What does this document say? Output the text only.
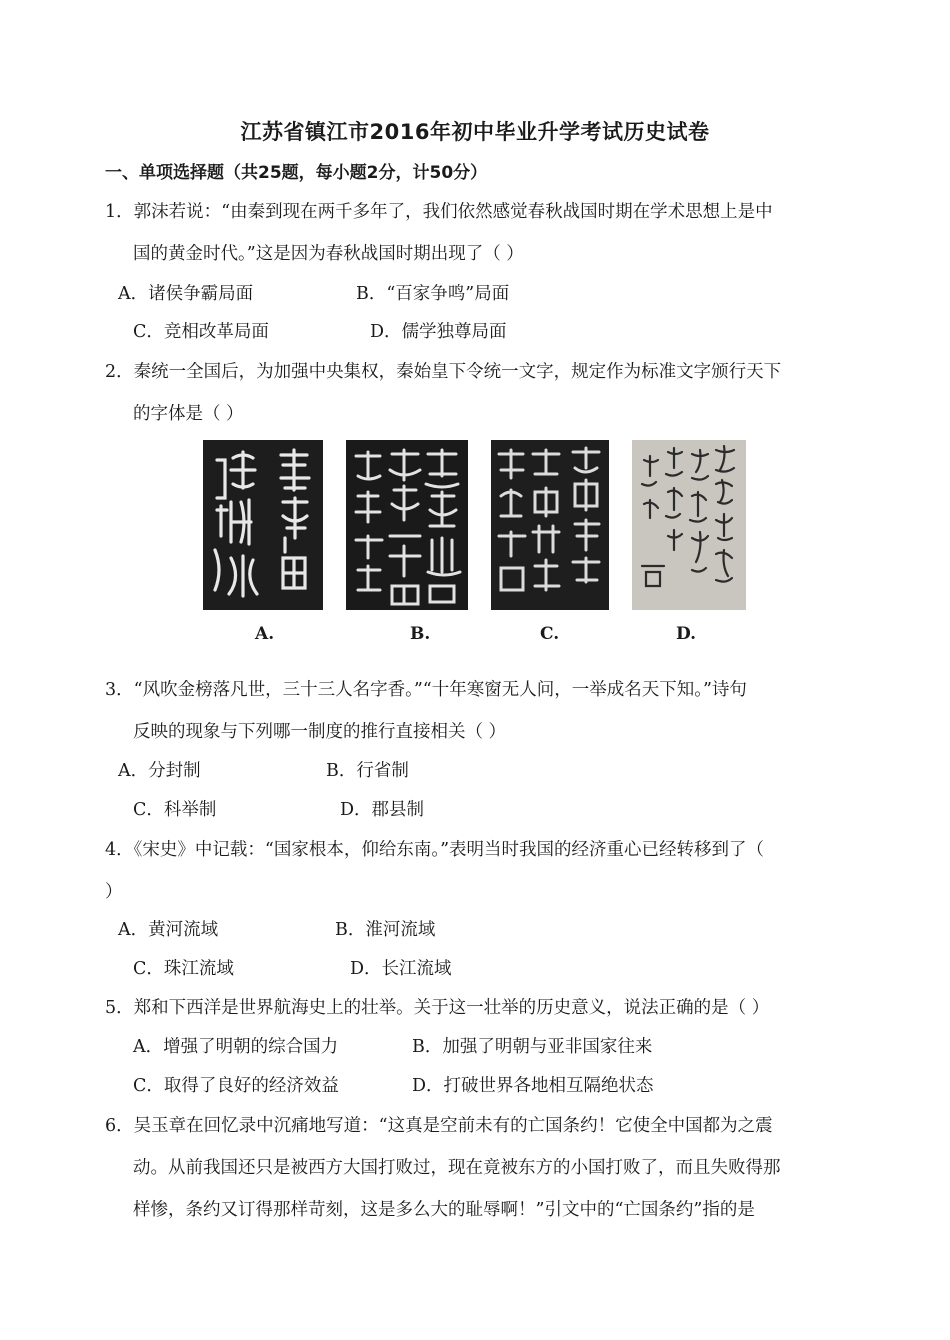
江苏省镇江市2016年初中毕业升学考试历史试卷
一、单项选择题（共25题，每小题2分，计50分）
1．郭沫若说：“由秦到现在两千多年了，我们依然感觉春秋战国时期在学术思想上是中
国的黄金时代。”这是因为春秋战国时期出现了（ ）
A．诸侯争霸局面	B．“百家争鸣”局面
C．竞相改革局面	D．儒学独尊局面
2．秦统一全国后，为加强中央集权，秦始皇下令统一文字，规定作为标准文字颁行天下
的字体是（ ）
A.	B.	C.	D.
3．“风吹金榜落凡世，三十三人名字香。”“十年寒窗无人问，一举成名天下知。”诗句
反映的现象与下列哪一制度的推行直接相关（ ）
A．分封制	B．行省制
C．科举制	D．郡县制
4．《宋史》中记载：“国家根本，仰给东南。”表明当时我国的经济重心已经转移到了（
）
A．黄河流域	B．淮河流域
C．珠江流域	D．长江流域
5．郑和下西洋是世界航海史上的壮举。关于这一壮举的历史意义，说法正确的是（ ）
A．增强了明朝的综合国力	B．加强了明朝与亚非国家往来
C．取得了良好的经济效益	D．打破世界各地相互隔绝状态
6．吴玉章在回忆录中沉痛地写道：“这真是空前未有的亡国条约！它使全中国都为之震
动。从前我国还只是被西方大国打败过，现在竟被东方的小国打败了，而且失败得那
样惨，条约又订得那样苛刻，这是多么大的耻辱啊！”引文中的“亡国条约”指的是
